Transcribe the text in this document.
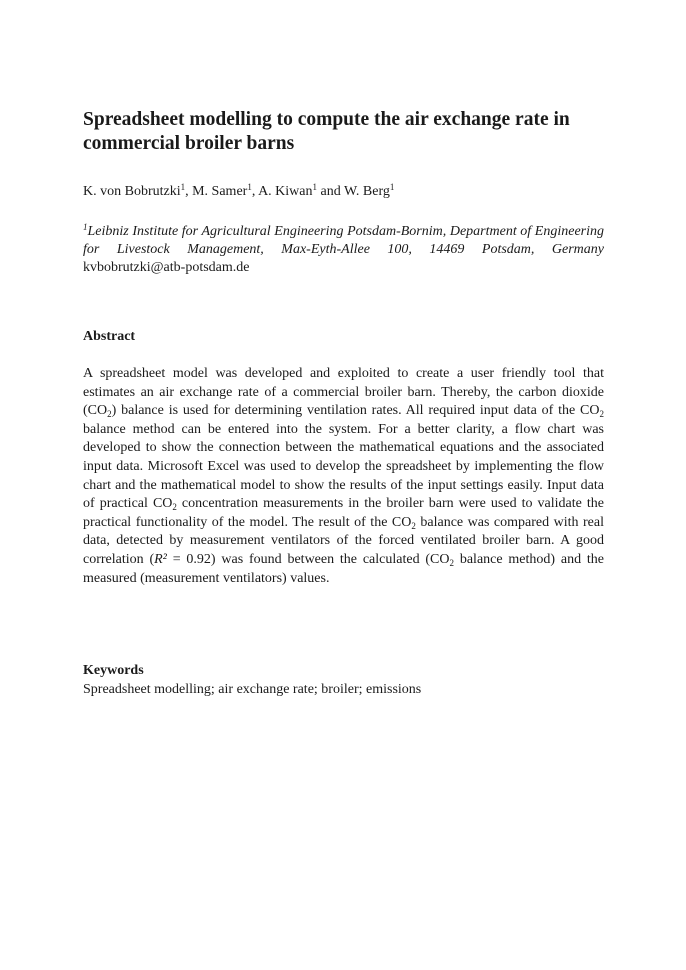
Spreadsheet modelling to compute the air exchange rate in commercial broiler barns

K. von Bobrutzki$^1$, M. Samer$^1$, A. Kiwan$^1$ and W. Berg$^1$

$^1$Leibniz Institute for Agricultural Engineering Potsdam-Bornim, Department of Engineering for Livestock Management, Max-Eyth-Allee 100, 14469 Potsdam, Germany kvbobrutzki@atb-potsdam.de

Abstract

A spreadsheet model was developed and exploited to create a user friendly tool that estimates an air exchange rate of a commercial broiler barn. Thereby, the carbon dioxide $(CO_2)$ balance is used for determining ventilation rates. All required input data of the $CO_2$ balance method can be entered into the system. For a better clarity, a flow chart was developed to show the connection between the mathematical equations and the associated input data. Microsoft Excel was used to develop the spreadsheet by implementing the flow chart and the mathematical model to show the results of the input settings easily. Input data of practical $CO_2$ concentration measurements in the broiler barn were used to validate the practical functionality of the model. The result of the $CO_2$ balance was compared with real data, detected by measurement ventilators of the forced ventilated broiler barn. A good correlation (R² = 0.92) was found between the calculated ($CO_2$ balance method) and the measured (measurement ventilators) values.

Keywords

Spreadsheet modelling; air exchange rate; broiler; emissions
